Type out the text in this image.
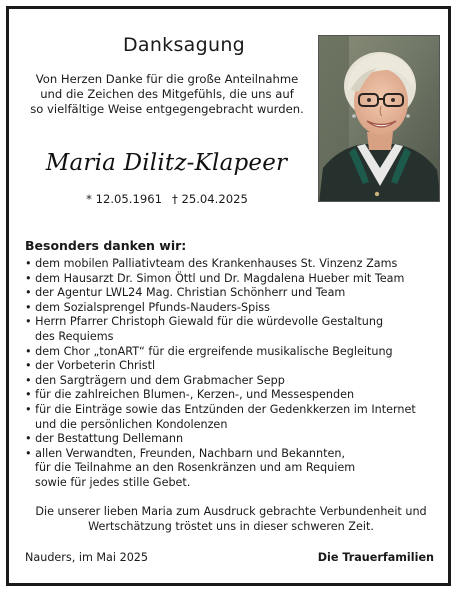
Danksagung
Von Herzen Danke für die große Anteilnahme
und die Zeichen des Mitgefühls, die uns auf
so vielfältige Weise entgegengebracht wurden.
Maria Dilitz-Klapeer
* 12.05.1961 † 25.04.2025
Besonders danken wir:
• dem mobilen Palliativteam des Krankenhauses St. Vinzenz Zams
• dem Hausarzt Dr. Simon Öttl und Dr. Magdalena Hueber mit Team
• der Agentur LWL24 Mag. Christian Schönherr und Team
• dem Sozialsprengel Pfunds-Nauders-Spiss
• Herrn Pfarrer Christoph Giewald für die würdevolle Gestaltung
des Requiems
• dem Chor „tonART“ für die ergreifende musikalische Begleitung
• der Vorbeterin Christl
• den Sargträgern und dem Grabmacher Sepp
• für die zahlreichen Blumen-, Kerzen-, und Messespenden
• für die Einträge sowie das Entzünden der Gedenkkerzen im Internet
und die persönlichen Kondolenzen
• der Bestattung Dellemann
• allen Verwandten, Freunden, Nachbarn und Bekannten,
für die Teilnahme an den Rosenkränzen und am Requiem
sowie für jedes stille Gebet.
Die unserer lieben Maria zum Ausdruck gebrachte Verbundenheit und
Wertschätzung tröstet uns in dieser schweren Zeit.
Nauders, im Mai 2025	Die Trauerfamilien
